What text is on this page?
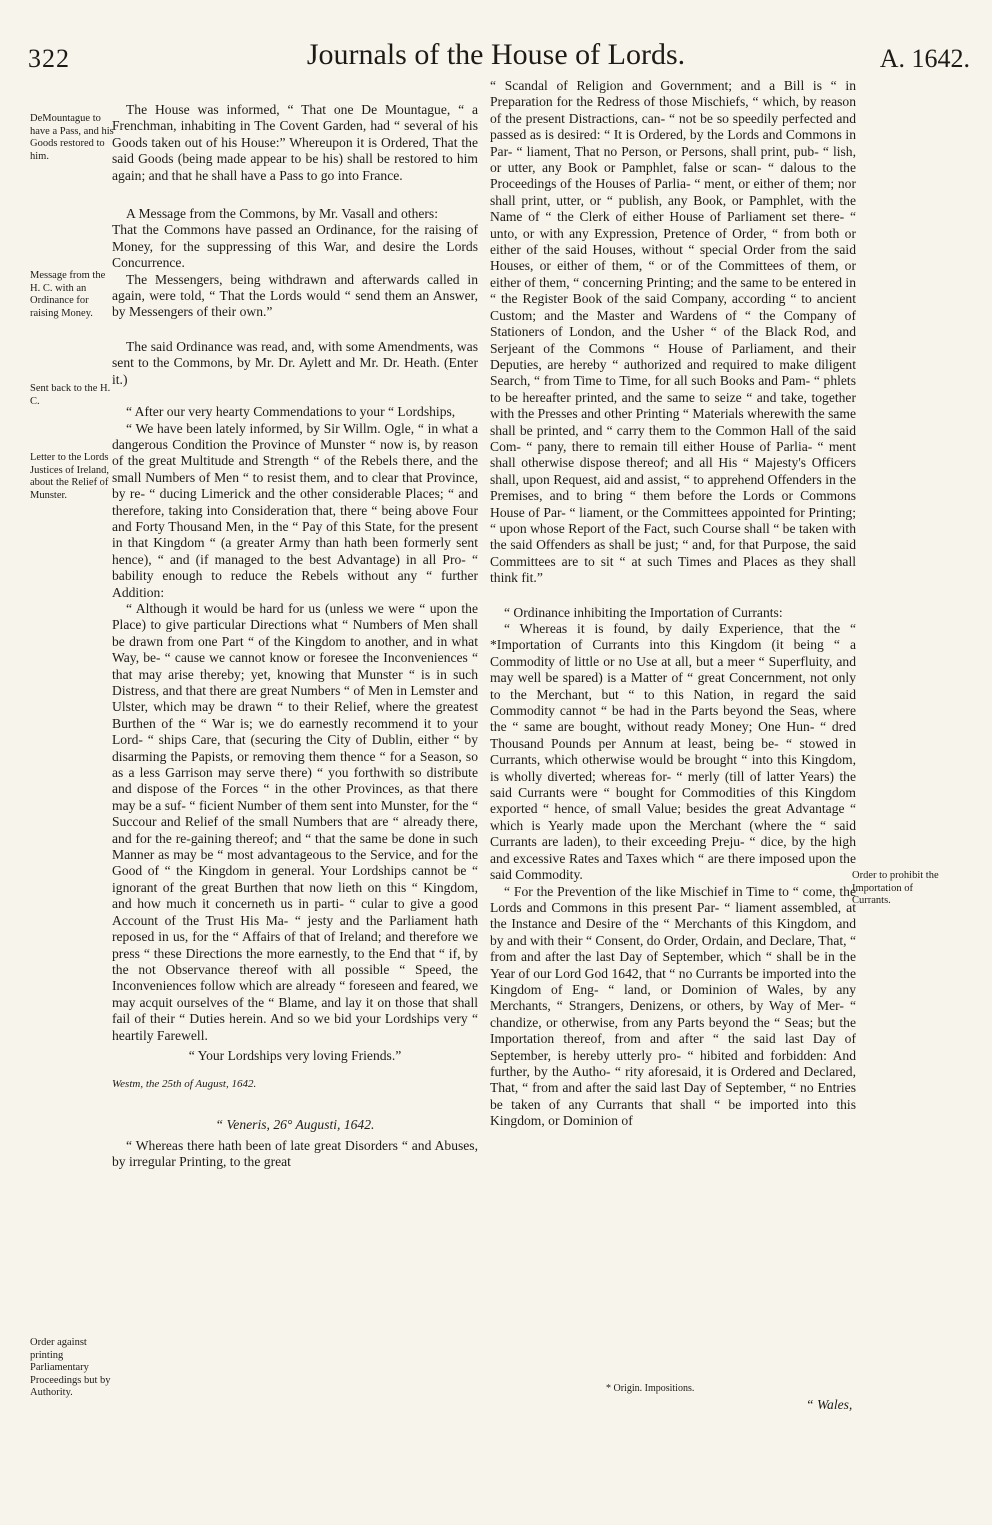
322	Journals of the House of Lords.	A. 1642.
DeMountague to have a Pass, and his Goods restored to him.
Message from the H. C. with an Ordinance for raising Money.
Sent back to the H. C.
Letter to the Lords Justices of Ireland, about the Relief of Munster.
Order against printing Parliamentary Proceedings but by Authority.
Order to prohibit the Importation of Currants.

The House was informed, “ That one De Mountague, “ a Frenchman, inhabiting in The Covent Garden, had “ several of his Goods taken out of his House:” Whereupon it is Ordered, That the said Goods (being made appear to be his) shall be restored to him again; and that he shall have a Pass to go into France.

A Message from the Commons, by Mr. Vasall and others:

That the Commons have passed an Ordinance, for the raising of Money, for the suppressing of this War, and desire the Lords Concurrence.

The Messengers, being withdrawn and afterwards called in again, were told, “ That the Lords would “ send them an Answer, by Messengers of their own.”

The said Ordinance was read, and, with some Amendments, was sent to the Commons, by Mr. Dr. Aylett and Mr. Dr. Heath. (Enter it.)

“ After our very hearty Commendations to your “ Lordships,

“ We have been lately informed, by Sir Willm. Ogle, “ in what a dangerous Condition the Province of Munster “ now is, by reason of the great Multitude and Strength “ of the Rebels there, and the small Numbers of Men “ to resist them, and to clear that Province, by re- “ ducing Limerick and the other considerable Places; “ and therefore, taking into Consideration that, there “ being above Four and Forty Thousand Men, in the “ Pay of this State, for the present in that Kingdom “ (a greater Army than hath been formerly sent hence), “ and (if managed to the best Advantage) in all Pro- “ bability enough to reduce the Rebels without any “ further Addition:

“ Although it would be hard for us (unless we were “ upon the Place) to give particular Directions what “ Numbers of Men shall be drawn from one Part “ of the Kingdom to another, and in what Way, be- “ cause we cannot know or foresee the Inconveniences “ that may arise thereby; yet, knowing that Munster “ is in such Distress, and that there are great Numbers “ of Men in Lemster and Ulster, which may be drawn “ to their Relief, where the greatest Burthen of the “ War is; we do earnestly recommend it to your Lord- “ ships Care, that (securing the City of Dublin, either “ by disarming the Papists, or removing them thence “ for a Season, so as a less Garrison may serve there) “ you forthwith so distribute and dispose of the Forces “ in the other Provinces, as that there may be a suf- “ ficient Number of them sent into Munster, for the “ Succour and Relief of the small Numbers that are “ already there, and for the re-gaining thereof; and “ that the same be done in such Manner as may be “ most advantageous to the Service, and for the Good of “ the Kingdom in general. Your Lordships cannot be “ ignorant of the great Burthen that now lieth on this “ Kingdom, and how much it concerneth us in parti- “ cular to give a good Account of the Trust His Ma- “ jesty and the Parliament hath reposed in us, for the “ Affairs of that of Ireland; and therefore we press “ these Directions the more earnestly, to the End that “ if, by the not Observance thereof with all possible “ Speed, the Inconveniences follow which are already “ foreseen and feared, we may acquit ourselves of the “ Blame, and lay it on those that shall fail of their “ Duties herein. And so we bid your Lordships very “ heartily Farewell.

“ Your Lordships very loving Friends.”

Westm, the 25th of August, 1642.

“ Veneris, 26° Augusti, 1642.

“ Whereas there hath been of late great Disorders “ and Abuses, by irregular Printing, to the great

“ Scandal of Religion and Government; and a Bill is “ in Preparation for the Redress of those Mischiefs, “ which, by reason of the present Distractions, can- “ not be so speedily perfected and passed as is desired: “ It is Ordered, by the Lords and Commons in Par- “ liament, That no Person, or Persons, shall print, pub- “ lish, or utter, any Book or Pamphlet, false or scan- “ dalous to the Proceedings of the Houses of Parlia- “ ment, or either of them; nor shall print, utter, or “ publish, any Book, or Pamphlet, with the Name of “ the Clerk of either House of Parliament set there- “ unto, or with any Expression, Pretence of Order, “ from both or either of the said Houses, without “ special Order from the said Houses, or either of them, “ or of the Committees of them, or either of them, “ concerning Printing; and the same to be entered in “ the Register Book of the said Company, according “ to ancient Custom; and the Master and Wardens of “ the Company of Stationers of London, and the Usher “ of the Black Rod, and Serjeant of the Commons “ House of Parliament, and their Deputies, are hereby “ authorized and required to make diligent Search, “ from Time to Time, for all such Books and Pam- “ phlets to be hereafter printed, and the same to seize “ and take, together with the Presses and other Printing “ Materials wherewith the same shall be printed, and “ carry them to the Common Hall of the said Com- “ pany, there to remain till either House of Parlia- “ ment shall otherwise dispose thereof; and all His “ Majesty's Officers shall, upon Request, aid and assist, “ to apprehend Offenders in the Premises, and to bring “ them before the Lords or Commons House of Par- “ liament, or the Committees appointed for Printing; “ upon whose Report of the Fact, such Course shall “ be taken with the said Offenders as shall be just; “ and, for that Purpose, the said Committees are to sit “ at such Times and Places as they shall think fit.”

“ Ordinance inhibiting the Importation of Currants:

“ Whereas it is found, by daily Experience, that the “ *Importation of Currants into this Kingdom (it being “ a Commodity of little or no Use at all, but a meer “ Superfluity, and may well be spared) is a Matter of “ great Concernment, not only to the Merchant, but “ to this Nation, in regard the said Commodity cannot “ be had in the Parts beyond the Seas, where the “ same are bought, without ready Money; One Hun- “ dred Thousand Pounds per Annum at least, being be- “ stowed in Currants, which otherwise would be brought “ into this Kingdom, is wholly diverted; whereas for- “ merly (till of latter Years) the said Currants were “ bought for Commodities of this Kingdom exported “ hence, of small Value; besides the great Advantage “ which is Yearly made upon the Merchant (where the “ said Currants are laden), to their exceeding Preju- “ dice, by the high and excessive Rates and Taxes which “ are there imposed upon the said Commodity.

“ For the Prevention of the like Mischief in Time to “ come, the Lords and Commons in this present Par- “ liament assembled, at the Instance and Desire of the “ Merchants of this Kingdom, and by and with their “ Consent, do Order, Ordain, and Declare, That, “ from and after the last Day of September, which “ shall be in the Year of our Lord God 1642, that “ no Currants be imported into the Kingdom of Eng- “ land, or Dominion of Wales, by any Merchants, “ Strangers, Denizens, or others, by Way of Mer- “ chandize, or otherwise, from any Parts beyond the “ Seas; but the Importation thereof, from and after “ the said last Day of September, is hereby utterly pro- “ hibited and forbidden: And further, by the Autho- “ rity aforesaid, it is Ordered and Declared, That, “ from and after the said last Day of September, “ no Entries be taken of any Currants that shall “ be imported into this Kingdom, or Dominion of

* Origin. Impositions.
“ Wales,
